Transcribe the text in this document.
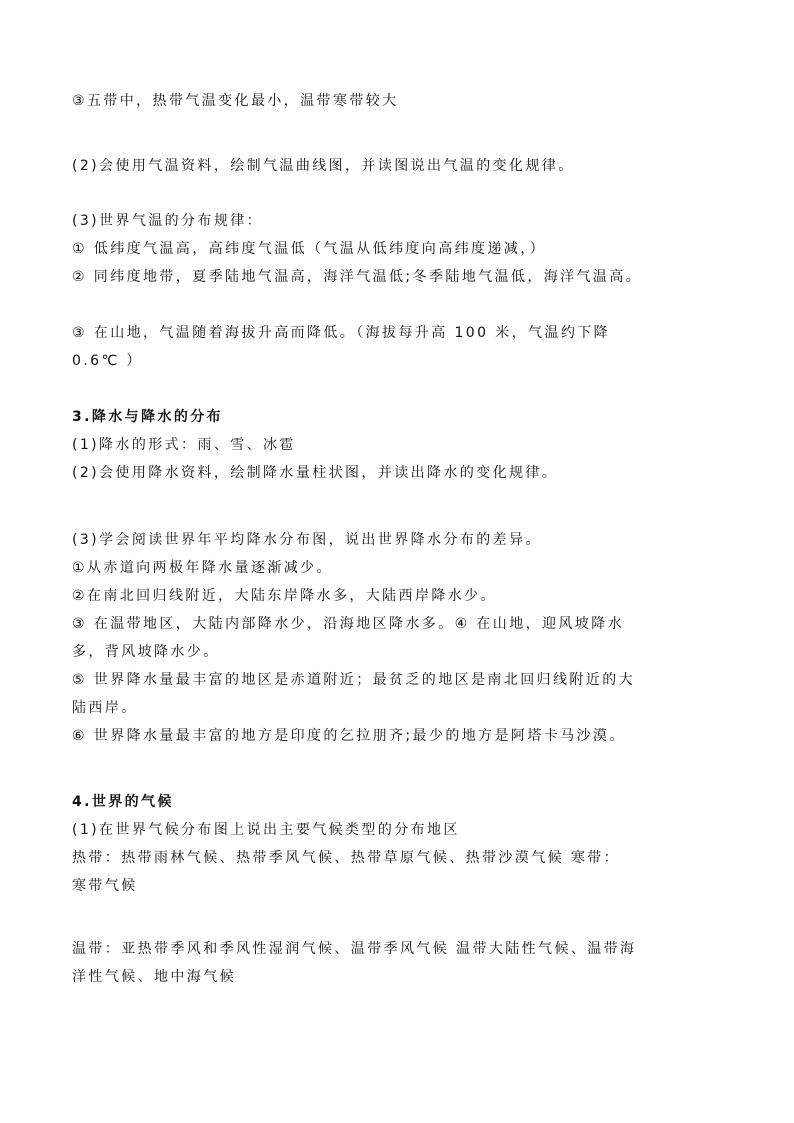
③五带中，热带气温变化最小，温带寒带较大
(2)会使用气温资料，绘制气温曲线图，并读图说出气温的变化规律。
(3)世界气温的分布规律：
① 低纬度气温高，高纬度气温低（气温从低纬度向高纬度递减，）
② 同纬度地带，夏季陆地气温高，海洋气温低;冬季陆地气温低，海洋气温高。
③ 在山地，气温随着海拔升高而降低。（海拔每升高 100 米，气温约下降
0.6℃ ）
3.降水与降水的分布
(1)降水的形式：雨、雪、冰雹
(2)会使用降水资料，绘制降水量柱状图，并读出降水的变化规律。
(3)学会阅读世界年平均降水分布图，说出世界降水分布的差异。
①从赤道向两极年降水量逐渐减少。
②在南北回归线附近，大陆东岸降水多，大陆西岸降水少。
③ 在温带地区，大陆内部降水少，沿海地区降水多。④ 在山地，迎风坡降水
多，背风坡降水少。
⑤ 世界降水量最丰富的地区是赤道附近；最贫乏的地区是南北回归线附近的大
陆西岸。
⑥ 世界降水量最丰富的地方是印度的乞拉朋齐;最少的地方是阿塔卡马沙漠。
4.世界的气候
(1)在世界气候分布图上说出主要气候类型的分布地区
热带：热带雨林气候、热带季风气候、热带草原气候、热带沙漠气候 寒带：
寒带气候
温带：亚热带季风和季风性湿润气候、温带季风气候 温带大陆性气候、温带海
洋性气候、地中海气候
